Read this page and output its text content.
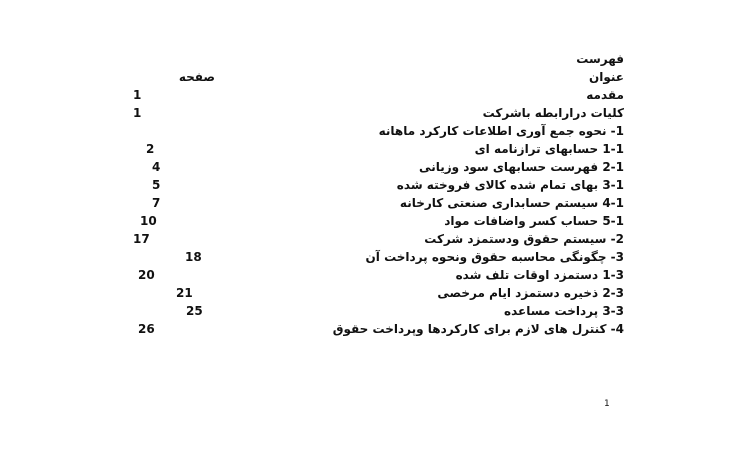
فهرست
عنوان
صفحه
مقدمه
1
کلیات درارابطه باشرکت
1
1- نحوه جمع آوری اطلاعات کارکرد ماهانه
1-1 حسابهای ترازنامه ای
2
2-1 فهرست حسابهای سود وزیانی
4
3-1 بهای تمام شده کالای فروخته شده
5
4-1 سیستم حسابداری صنعتی کارخانه
7
5-1 حساب کسر واضافات مواد
10
2- سیستم حقوق ودستمزد شرکت
17
3- چگونگی محاسبه حقوق ونحوه پرداخت آن
18
1-3 دستمزد اوقات تلف شده
20
2-3 ذخیره دستمزد ایام مرخصی
21
3-3 پرداخت مساعده
25
4- کنترل های لازم برای کارکردها وپرداخت حقوق
26
1
